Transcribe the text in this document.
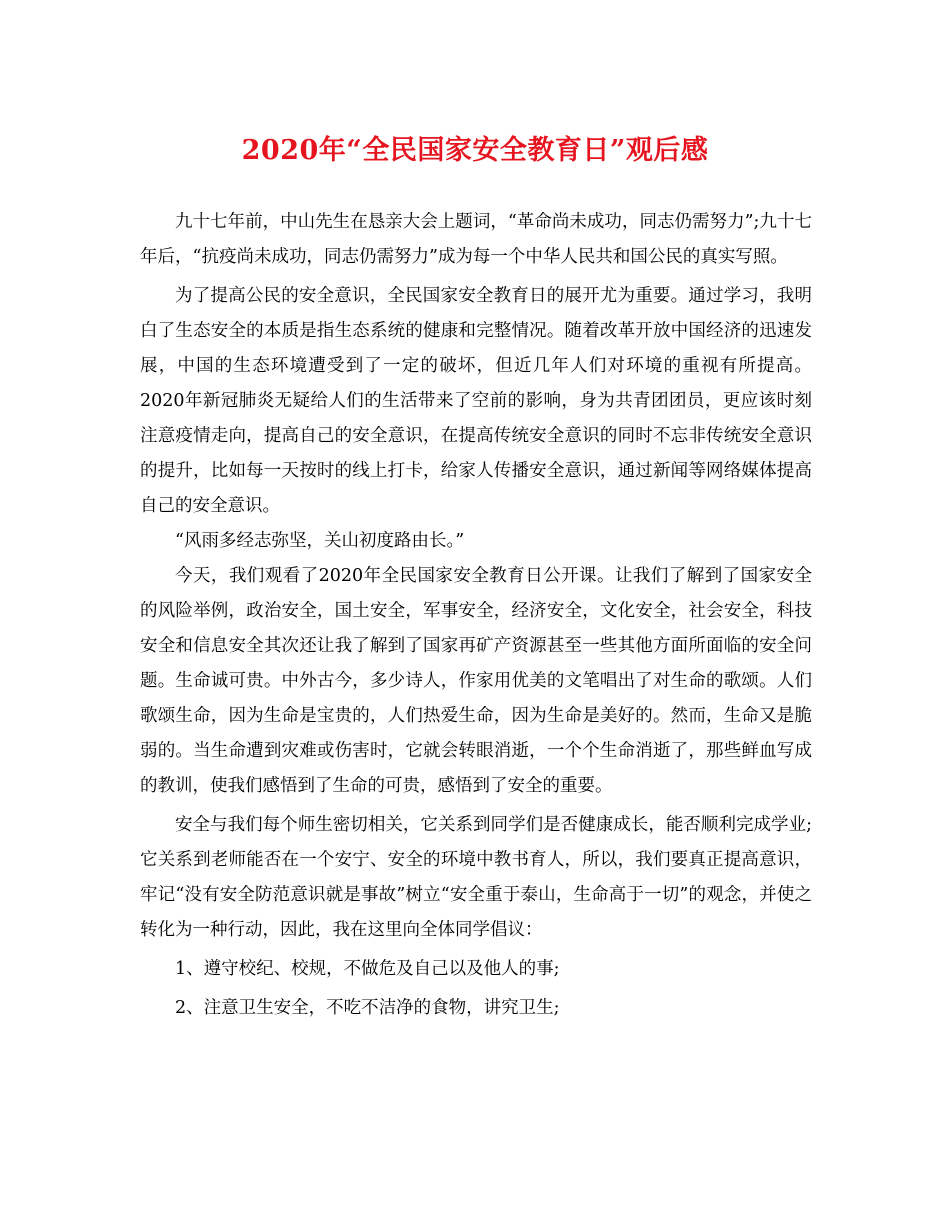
2020年“全民国家安全教育日”观后感

九十七年前，中山先生在恳亲大会上题词，“革命尚未成功，同志仍需努力”;九十七年后，“抗疫尚未成功，同志仍需努力”成为每一个中华人民共和国公民的真实写照。

为了提高公民的安全意识，全民国家安全教育日的展开尤为重要。通过学习，我明白了生态安全的本质是指生态系统的健康和完整情况。随着改革开放中国经济的迅速发展，中国的生态环境遭受到了一定的破坏，但近几年人们对环境的重视有所提高。2020年新冠肺炎无疑给人们的生活带来了空前的影响，身为共青团团员，更应该时刻注意疫情走向，提高自己的安全意识，在提高传统安全意识的同时不忘非传统安全意识的提升，比如每一天按时的线上打卡，给家人传播安全意识，通过新闻等网络媒体提高自己的安全意识。

“风雨多经志弥坚，关山初度路由长。”

今天，我们观看了2020年全民国家安全教育日公开课。让我们了解到了国家安全的风险举例，政治安全，国土安全，军事安全，经济安全，文化安全，社会安全，科技安全和信息安全其次还让我了解到了国家再矿产资源甚至一些其他方面所面临的安全问题。生命诚可贵。中外古今，多少诗人，作家用优美的文笔唱出了对生命的歌颂。人们歌颂生命，因为生命是宝贵的，人们热爱生命，因为生命是美好的。然而，生命又是脆弱的。当生命遭到灾难或伤害时，它就会转眼消逝，一个个生命消逝了，那些鲜血写成的教训，使我们感悟到了生命的可贵，感悟到了安全的重要。

安全与我们每个师生密切相关，它关系到同学们是否健康成长，能否顺利完成学业;它关系到老师能否在一个安宁、安全的环境中教书育人，所以，我们要真正提高意识，牢记“没有安全防范意识就是事故”树立“安全重于泰山，生命高于一切”的观念，并使之转化为一种行动，因此，我在这里向全体同学倡议：

1、遵守校纪、校规，不做危及自己以及他人的事;

2、注意卫生安全，不吃不洁净的食物，讲究卫生;
